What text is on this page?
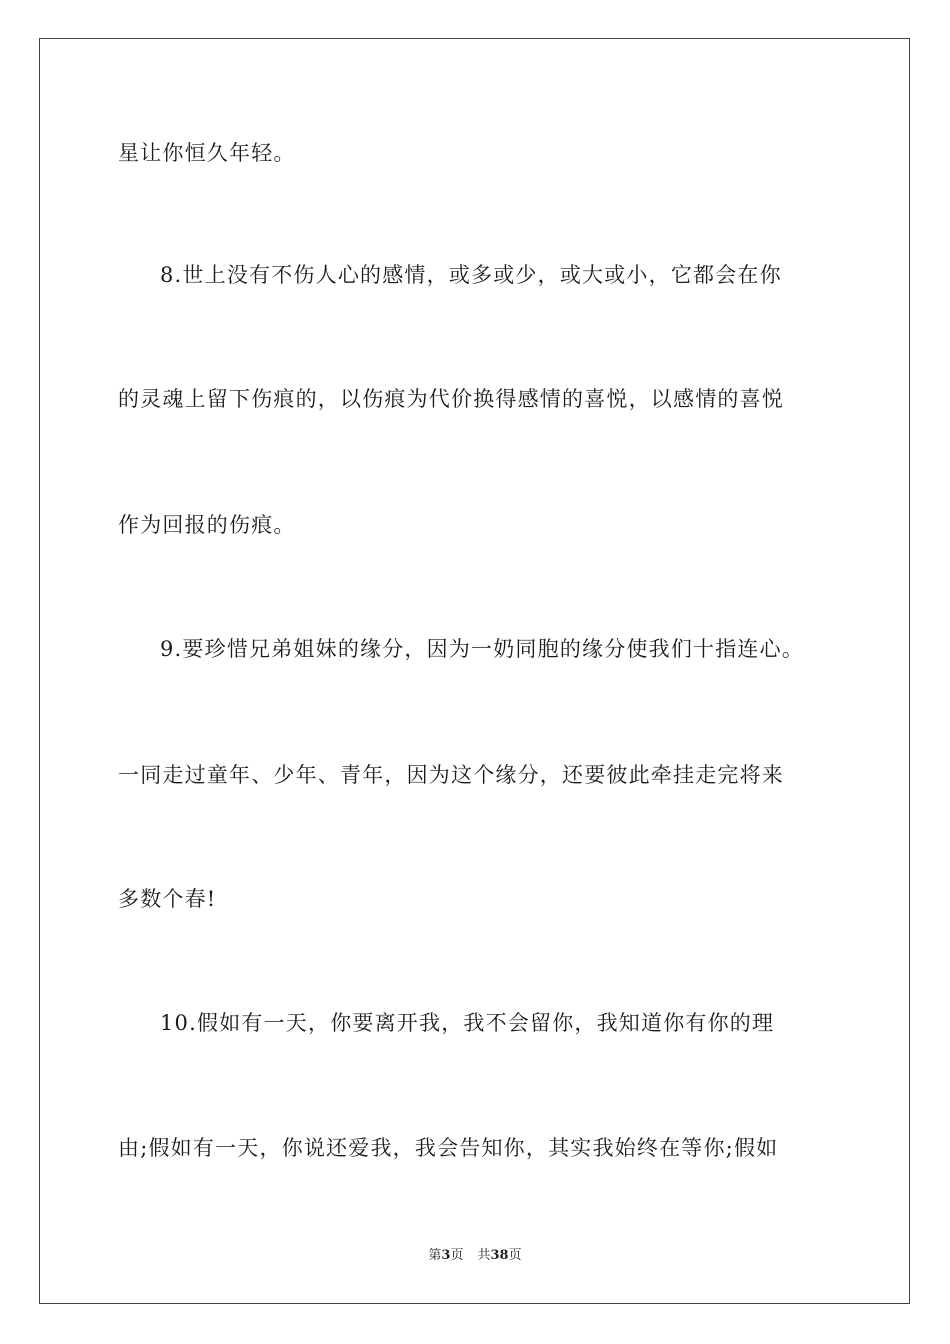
星让你恒久年轻。
8.世上没有不伤人心的感情，或多或少，或大或小，它都会在你
的灵魂上留下伤痕的，以伤痕为代价换得感情的喜悦，以感情的喜悦
作为回报的伤痕。
9.要珍惜兄弟姐妹的缘分，因为一奶同胞的缘分使我们十指连心。
一同走过童年、少年、青年，因为这个缘分，还要彼此牵挂走完将来
多数个春!
10.假如有一天，你要离开我，我不会留你，我知道你有你的理
由;假如有一天，你说还爱我，我会告知你，其实我始终在等你;假如
第3页 共38页
